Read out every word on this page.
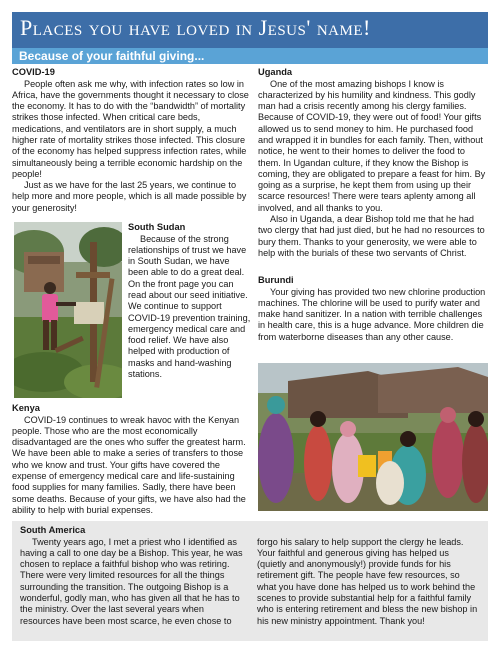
Places you have loved in Jesus' name!
Because of your faithful giving...
COVID-19

People often ask me why, with infection rates so low in Africa, have the governments thought it necessary to close the economy. It has to do with the “bandwidth” of mortality strikes those infected. When critical care beds, medications, and ventilators are in short supply, a much higher rate of mortality strikes those infected. This closure of the economy has helped suppress infection rates, while simultaneously being a terrible economic hardship on the people!

Just as we have for the last 25 years, we continue to help more and more people, which is all made possible by your generosity!

South Sudan

Because of the strong relationships of trust we have in South Sudan, we have been able to do a great deal. On the front page you can read about our seed initiative. We continue to support COVID-19 prevention training, emergency medical care and food relief. We have also helped with production of masks and hand-washing stations.

Kenya

COVID-19 continues to wreak havoc with the Kenyan people. Those who are the most economically disadvantaged are the ones who suffer the greatest harm. We have been able to make a series of transfers to those who we know and trust. Your gifts have covered the expense of emergency medical care and life-sustaining food supplies for many families. Sadly, there have been some deaths. Because of your gifts, we have also had the ability to help with burial expenses.

Uganda

One of the most amazing bishops I know is characterized by his humility and kindness. This godly man had a crisis recently among his clergy families. Because of COVID-19, they were out of food! Your gifts allowed us to send money to him. He purchased food and wrapped it in bundles for each family. Then, without notice, he went to their homes to deliver the food to them. In Ugandan culture, if they know the Bishop is coming, they are obligated to prepare a feast for him. By going as a surprise, he kept them from using up their scarce resources! There were tears aplenty among all involved, and all thanks to you.

Also in Uganda, a dear Bishop told me that he had two clergy that had just died, but he had no resources to bury them. Thanks to your generosity, we were able to help with the burials of these two servants of Christ.

Burundi

Your giving has provided two new chlorine production machines. The chlorine will be used to purify water and make hand sanitizer. In a nation with terrible challenges in health care, this is a huge advance. More children die from waterborne diseases than any other cause.

South America

Twenty years ago, I met a priest who I identified as having a call to one day be a Bishop. This year, he was chosen to replace a faithful bishop who was retiring. There were very limited resources for all the things surrounding the transition. The outgoing Bishop is a wonderful, godly man, who has given all that he has to the ministry. Over the last several years when resources have been most scarce, he even chose to

forgo his salary to help support the clergy he leads. Your faithful and generous giving has helped us (quietly and anonymously!) provide funds for his retirement gift. The people have few resources, so what you have done has helped us to work behind the scenes to provide substantial help for a faithful family who is entering retirement and bless the new bishop in his new ministry appointment. Thank you!
